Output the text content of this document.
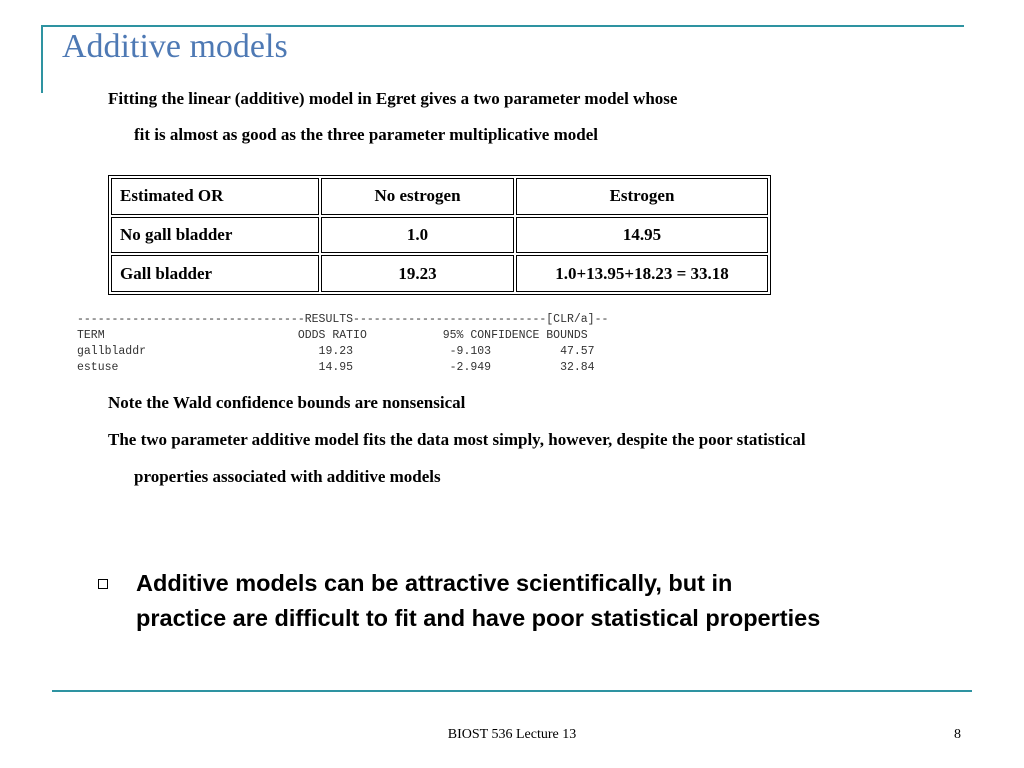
Additive models
Fitting the linear (additive) model in Egret gives a two parameter model whose
fit is almost as good as the three parameter multiplicative model
Estimated OR	No estrogen	Estrogen
No gall bladder	1.0	14.95
Gall bladder	19.23	1.0+13.95+18.23 = 33.18
---------------------------------RESULTS----------------------------[CLR/a]--
TERM                            ODDS RATIO           95% CONFIDENCE BOUNDS
gallbladdr                         19.23              -9.103          47.57
estuse                             14.95              -2.949          32.84
Note the Wald confidence bounds are nonsensical
The two parameter additive model fits the data most simply, however, despite the poor statistical
properties associated with additive models
Additive models can be attractive scientifically, but in
practice are difficult to fit and have poor statistical properties
BIOST 536 Lecture 13	8
